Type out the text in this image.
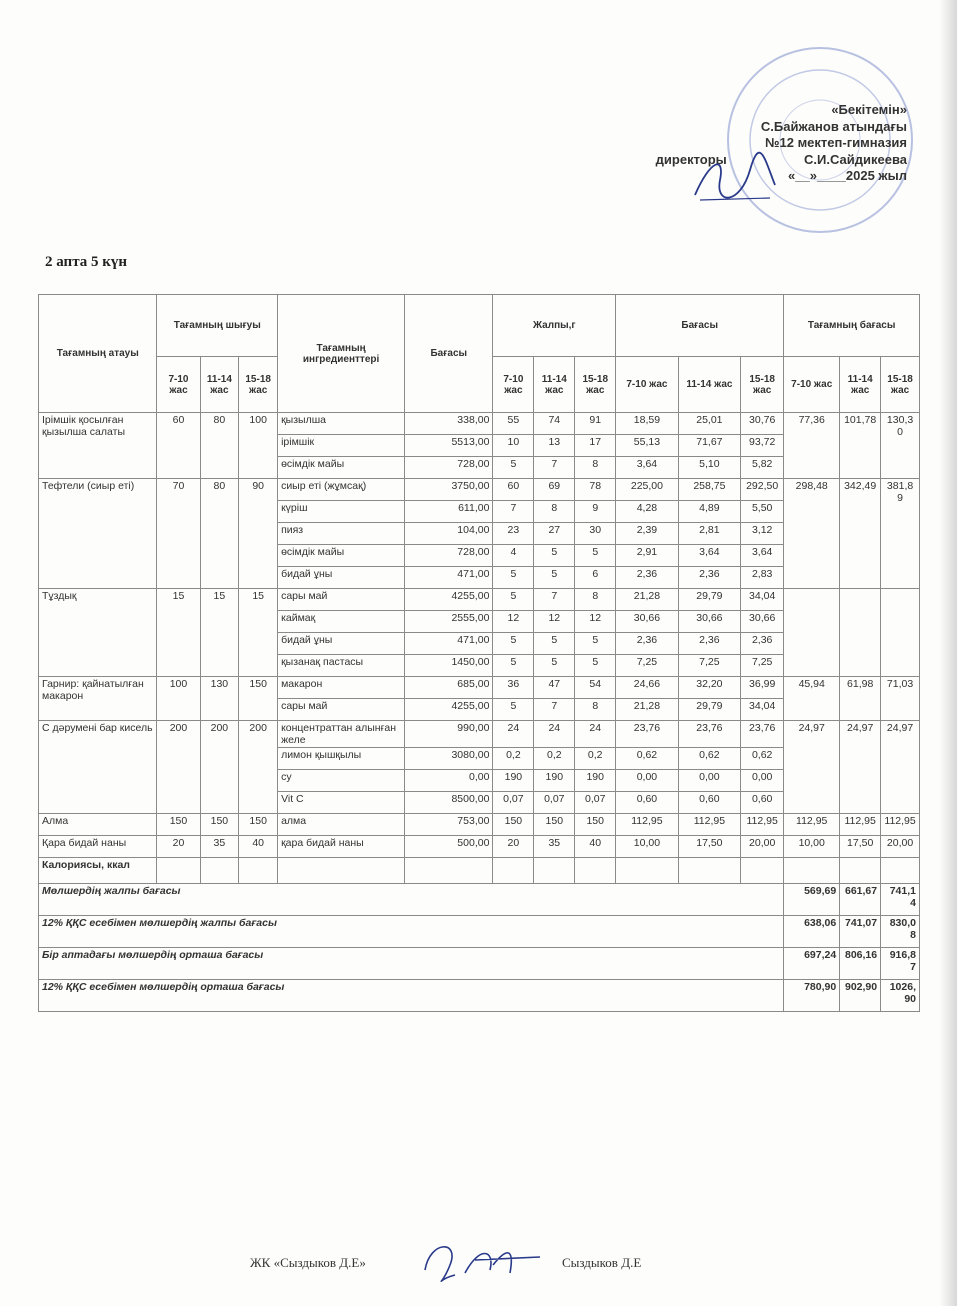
«Бекітемін»
С.Байжанов атындағы
№12 мектеп-гимназия
директоры	С.И.Сайдикеева
«__»____2025 жыл
2 апта 5 күн
Тағамның атауы	Тағамның шығуы			Тағамның ингредиенттері	Бағасы	Жалпы,г			Бағасы			Тағамның бағасы		
	7-10 жас	11-14 жас	15-18 жас			7-10 жас	11-14 жас	15-18 жас	7-10 жас	11-14 жас	15-18 жас	7-10 жас	11-14 жас	15-18 жас
Ірімшік қосылған қызылша салаты	60	80	100	қызылша	338,00	55	74	91	18,59	25,01	30,76	77,36	101,78	130,30
				ірімшік	5513,00	10	13	17	55,13	71,67	93,72			
				өсімдік майы	728,00	5	7	8	3,64	5,10	5,82			
Тефтели (сиыр еті)	70	80	90	сиыр еті (жұмсақ)	3750,00	60	69	78	225,00	258,75	292,50	298,48	342,49	381,89
				күріш	611,00	7	8	9	4,28	4,89	5,50			
				пияз	104,00	23	27	30	2,39	2,81	3,12			
				өсімдік майы	728,00	4	5	5	2,91	3,64	3,64			
				бидай ұны	471,00	5	5	6	2,36	2,36	2,83			
Тұздық	15	15	15	сары май	4255,00	5	7	8	21,28	29,79	34,04			
				каймақ	2555,00	12	12	12	30,66	30,66	30,66			
				бидай ұны	471,00	5	5	5	2,36	2,36	2,36			
				қызанақ пастасы	1450,00	5	5	5	7,25	7,25	7,25			
Гарнир: қайнатылған макарон	100	130	150	макарон	685,00	36	47	54	24,66	32,20	36,99	45,94	61,98	71,03
				сары май	4255,00	5	7	8	21,28	29,79	34,04			
С дәрумені бар кисель	200	200	200	концентраттан алынған желе	990,00	24	24	24	23,76	23,76	23,76	24,97	24,97	24,97
				лимон қышқылы	3080,00	0,2	0,2	0,2	0,62	0,62	0,62			
				су	0,00	190	190	190	0,00	0,00	0,00			
				Vit C	8500,00	0,07	0,07	0,07	0,60	0,60	0,60			
Алма	150	150	150	алма	753,00	150	150	150	112,95	112,95	112,95	112,95	112,95	112,95
Қара бидай наны	20	35	40	қара бидай наны	500,00	20	35	40	10,00	17,50	20,00	10,00	17,50	20,00
Калориясы, ккал														
Мөлшердің жалпы бағасы												569,69	661,67	741,14
12% ҚҚС есебімен мөлшердің жалпы бағасы												638,06	741,07	830,08
Бір аптадағы мөлшердің орташа бағасы												697,24	806,16	916,87
12% ҚҚС есебімен мөлшердің орташа бағасы												780,90	902,90	1026,90
ЖК «Сыздыков Д.Е»	Сыздыков Д.Е
